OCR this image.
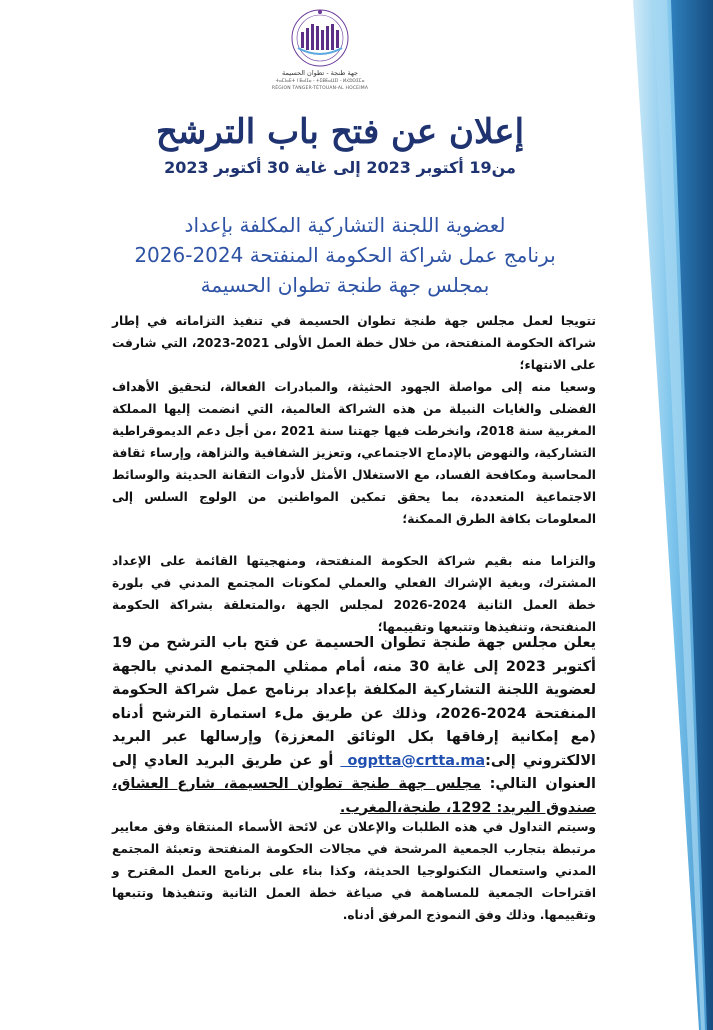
جهة طنجة - تطوان الحسيمة
ⵜⴰⵎⵏⴰⴹⵜ ⵏ ⵟⴰⵏⵊⴰ - ⵜⵉⵟⵟⴰⵡⵉⵏ - ⵍⵃⵓⵙⵉⵎⴰ
RÉGION TANGER-TÉTOUAN-AL HOCEIMA
إعلان عن فتح باب الترشح
من19 أكتوبر 2023 إلى غاية 30 أكتوبر 2023
لعضوية اللجنة التشاركية المكلفة بإعداد
برنامج عمل شراكة الحكومة المنفتحة 2024-2026
بمجلس جهة طنجة تطوان الحسيمة

تتويجا لعمل مجلس جهة طنجة تطوان الحسيمة في تنفيذ التزاماته في إطار شراكة الحكومة المنفتحة، من خلال خطة العمل الأولى 2021-2023، التي شارفت على الانتهاء؛

وسعيا منه إلى مواصلة الجهود الحثيثة، والمبادرات الفعالة، لتحقيق الأهداف الفضلى والغايات النبيلة من هذه الشراكة العالمية، التي انضمت إليها المملكة المغربية سنة 2018، وانخرطت فيها جهتنا سنة 2021 ،من أجل دعم الديموقراطية التشاركية، والنهوض بالإدماج الاجتماعي، وتعزيز الشفافية والنزاهة، وإرساء ثقافة المحاسبة ومكافحة الفساد، مع الاستغلال الأمثل لأدوات التقانة الحديثة والوسائط الاجتماعية المتعددة، بما يحقق تمكين المواطنين من الولوج السلس إلى المعلومات بكافة الطرق الممكنة؛

والتزاما منه بقيم شراكة الحكومة المنفتحة، ومنهجيتها القائمة على الإعداد المشترك، وبغية الإشراك الفعلي والعملي لمكونات المجتمع المدني في بلورة خطة العمل الثانية 2024-2026 لمجلس الجهة ،والمتعلقة بشراكة الحكومة المنفتحة، وتنفيذها وتتبعها وتقييمها؛

يعلن مجلس جهة طنجة تطوان الحسيمة عن فتح باب الترشح من 19 أكتوبر 2023 إلى غاية 30 منه، أمام ممثلي المجتمع المدني بالجهة لعضوية اللجنة التشاركية المكلفة بإعداد برنامج عمل شراكة الحكومة المنفتحة 2024-2026، وذلك عن طريق ملء استمارة الترشح أدناه (مع إمكانية إرفاقها بكل الوثائق المعززة) وإرسالها عبر البريد الالكتروني إلى: ogptta@crtta.ma أو عن طريق البريد العادي إلى العنوان التالي: مجلس جهة طنجة تطوان الحسيمة، شارع العشاق، صندوق البريد: 1292، طنجة،المغرب.

وسيتم التداول في هذه الطلبات والإعلان عن لائحة الأسماء المنتقاة وفق معايير مرتبطة بتجارب الجمعية المرشحة في مجالات الحكومة المنفتحة وتعبئة المجتمع المدني واستعمال التكنولوجيا الحديثة، وكذا بناء على برنامج العمل المقترح و اقتراحات الجمعية للمساهمة في صياغة خطة العمل الثانية وتنفيذها وتتبعها وتقييمها. وذلك وفق النموذج المرفق أدناه.
